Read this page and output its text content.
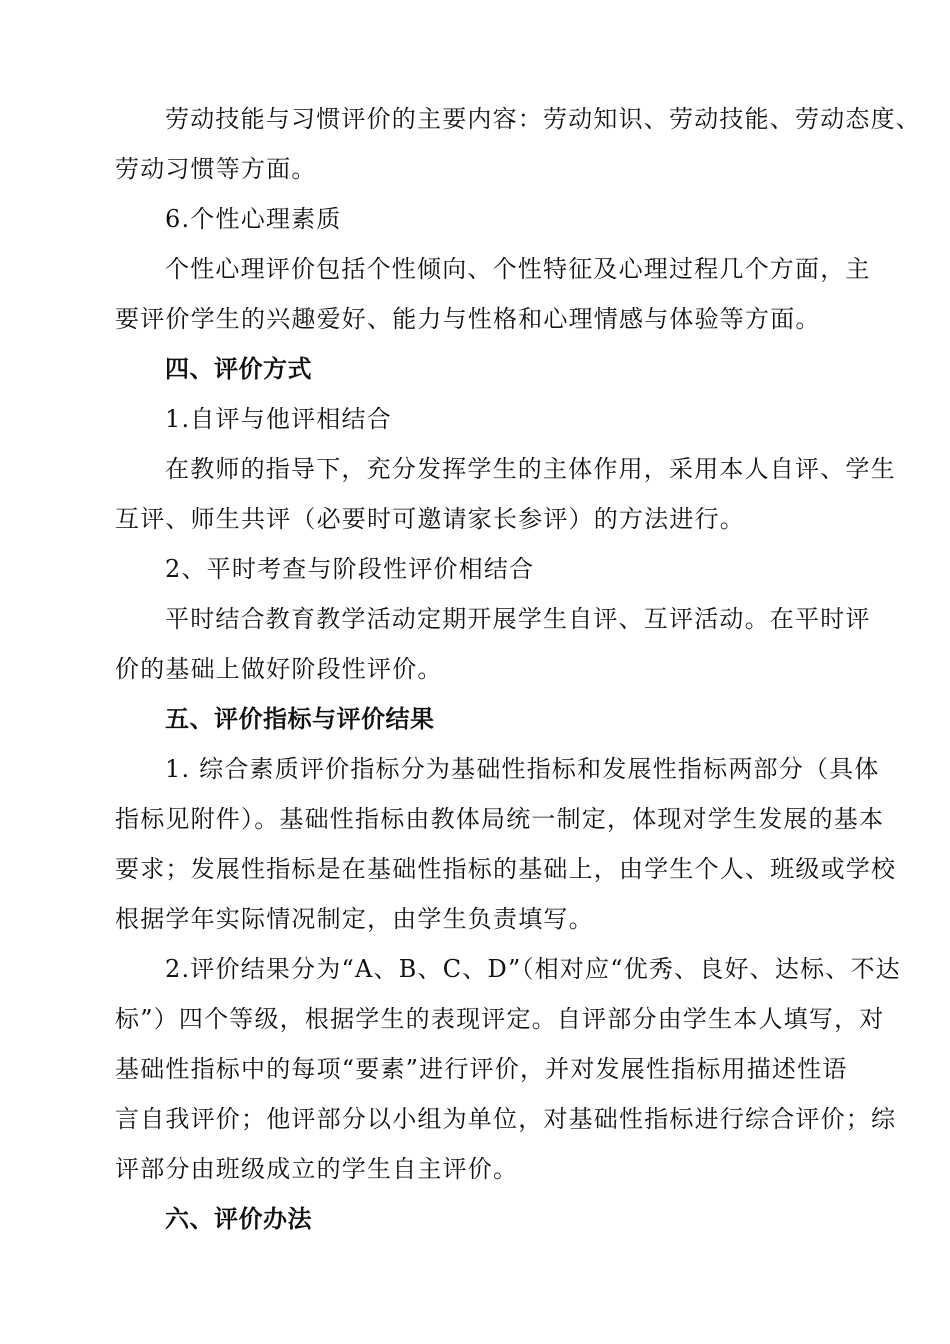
劳动技能与习惯评价的主要内容：劳动知识、劳动技能、劳动态度、
劳动习惯等方面。
6.个性心理素质
个性心理评价包括个性倾向、个性特征及心理过程几个方面，主
要评价学生的兴趣爱好、能力与性格和心理情感与体验等方面。
四、评价方式
1.自评与他评相结合
在教师的指导下，充分发挥学生的主体作用，采用本人自评、学生
互评、师生共评（必要时可邀请家长参评）的方法进行。
2、平时考查与阶段性评价相结合
平时结合教育教学活动定期开展学生自评、互评活动。在平时评
价的基础上做好阶段性评价。
五、评价指标与评价结果
1. 综合素质评价指标分为基础性指标和发展性指标两部分（具体
指标见附件）。基础性指标由教体局统一制定，体现对学生发展的基本
要求；发展性指标是在基础性指标的基础上，由学生个人、班级或学校
根据学年实际情况制定，由学生负责填写。
2.评价结果分为“A、B、C、D”（相对应“优秀、良好、达标、不达
标”）四个等级，根据学生的表现评定。自评部分由学生本人填写，对
基础性指标中的每项“要素”进行评价，并对发展性指标用描述性语
言自我评价；他评部分以小组为单位，对基础性指标进行综合评价；综
评部分由班级成立的学生自主评价。
六、评价办法
